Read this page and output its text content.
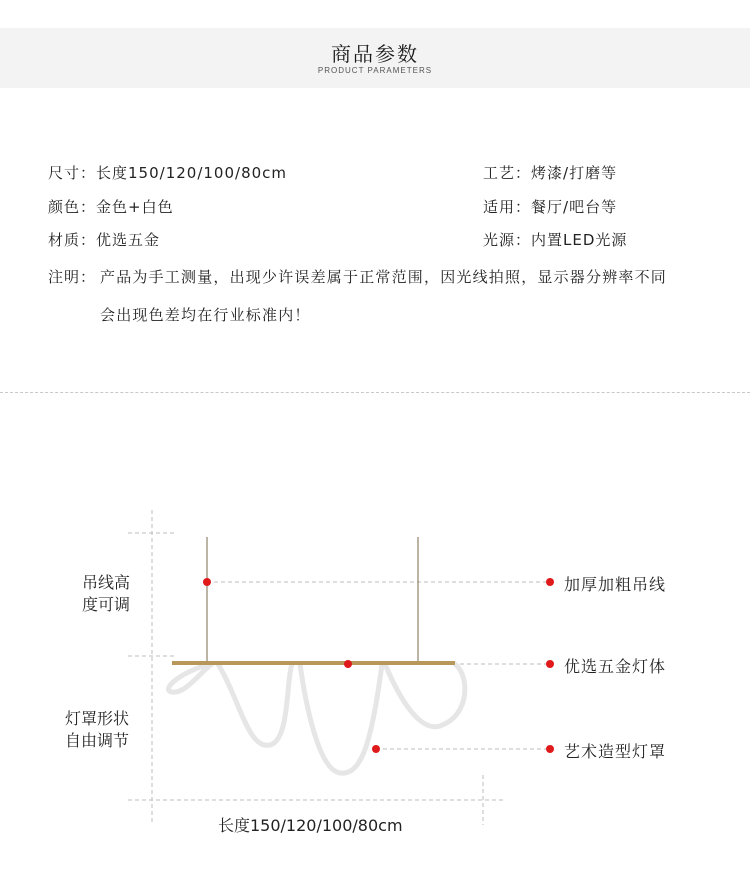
商品参数
PRODUCT PARAMETERS
尺寸：长度150/120/100/80cm	工艺：烤漆/打磨等
颜色：金色+白色	适用：餐厅/吧台等
材质：优选五金	光源：内置LED光源
注明： 产品为手工测量，出现少许误差属于正常范围，因光线拍照，显示器分辨率不同
会出现色差均在行业标准内！
吊线高
度可调
灯罩形状
自由调节
加厚加粗吊线
优选五金灯体
艺术造型灯罩
长度150/120/100/80cm
